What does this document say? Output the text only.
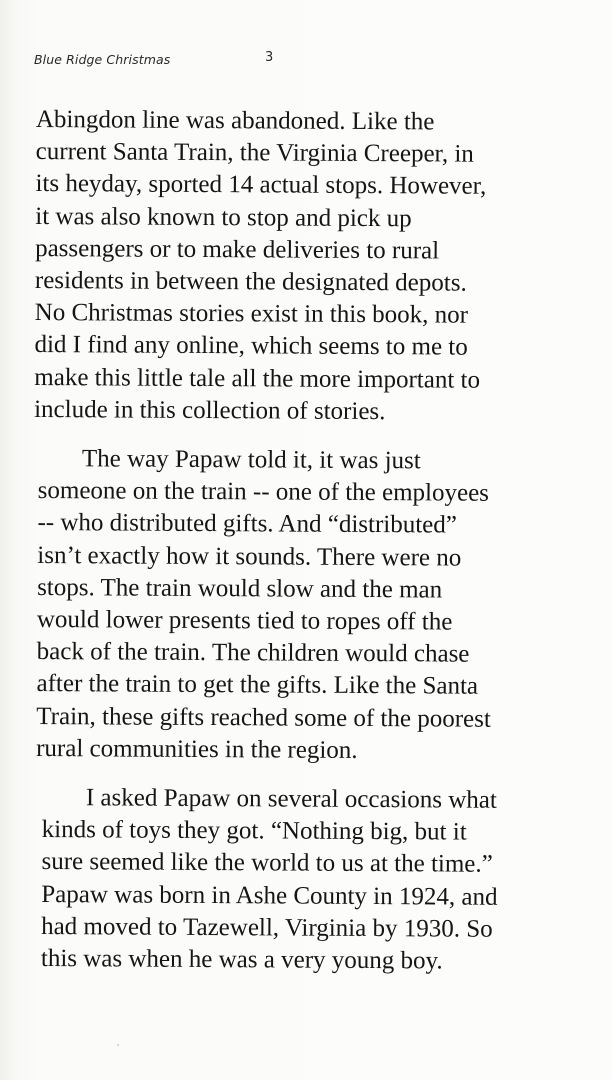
Blue Ridge Christmas	3

Abingdon line was abandoned. Like the
current Santa Train, the Virginia Creeper, in
its heyday, sported 14 actual stops. However,
it was also known to stop and pick up
passengers or to make deliveries to rural
residents in between the designated depots.
No Christmas stories exist in this book, nor
did I find any online, which seems to me to
make this little tale all the more important to
include in this collection of stories.

The way Papaw told it, it was just
someone on the train -- one of the employees
-- who distributed gifts. And “distributed”
isn’t exactly how it sounds. There were no
stops. The train would slow and the man
would lower presents tied to ropes off the
back of the train. The children would chase
after the train to get the gifts. Like the Santa
Train, these gifts reached some of the poorest
rural communities in the region.

I asked Papaw on several occasions what
kinds of toys they got. “Nothing big, but it
sure seemed like the world to us at the time.”
Papaw was born in Ashe County in 1924, and
had moved to Tazewell, Virginia by 1930. So
this was when he was a very young boy.
